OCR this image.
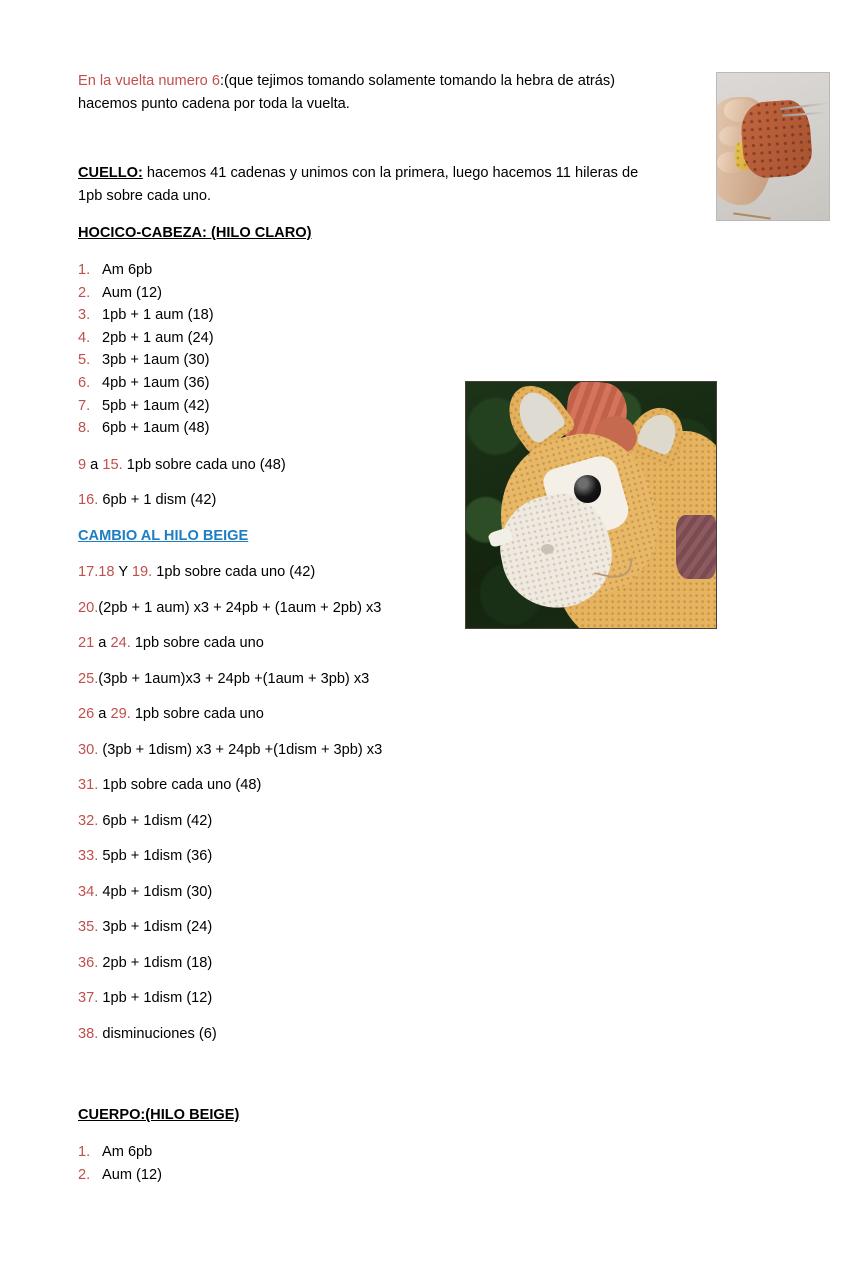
En la vuelta numero 6:(que tejimos tomando solamente tomando la hebra de atrás)
hacemos punto cadena por toda la vuelta.

CUELLO: hacemos 41 cadenas y unimos con la primera, luego hacemos 11 hileras de
1pb sobre cada uno.

HOCICO-CABEZA: (HILO CLARO)

1. Am 6pb
2. Aum (12)
3. 1pb + 1 aum (18)
4. 2pb + 1 aum (24)
5. 3pb + 1aum (30)
6. 4pb + 1aum (36)
7. 5pb + 1aum (42)
8. 6pb + 1aum (48)

9 a 15. 1pb sobre cada uno (48)

16. 6pb + 1 dism (42)

CAMBIO AL HILO BEIGE

17.18 Y 19. 1pb sobre cada uno (42)

20.(2pb + 1 aum) x3 + 24pb + (1aum + 2pb) x3

21 a 24. 1pb sobre cada uno

25.(3pb + 1aum)x3 + 24pb +(1aum + 3pb) x3

26 a 29. 1pb sobre cada uno

30. (3pb + 1dism) x3 + 24pb +(1dism + 3pb) x3

31. 1pb sobre cada uno (48)

32. 6pb + 1dism (42)

33. 5pb + 1dism (36)

34. 4pb + 1dism (30)

35. 3pb + 1dism (24)

36. 2pb + 1dism (18)

37. 1pb + 1dism (12)

38. disminuciones (6)

CUERPO:(HILO BEIGE)

1. Am 6pb
2. Aum (12)
